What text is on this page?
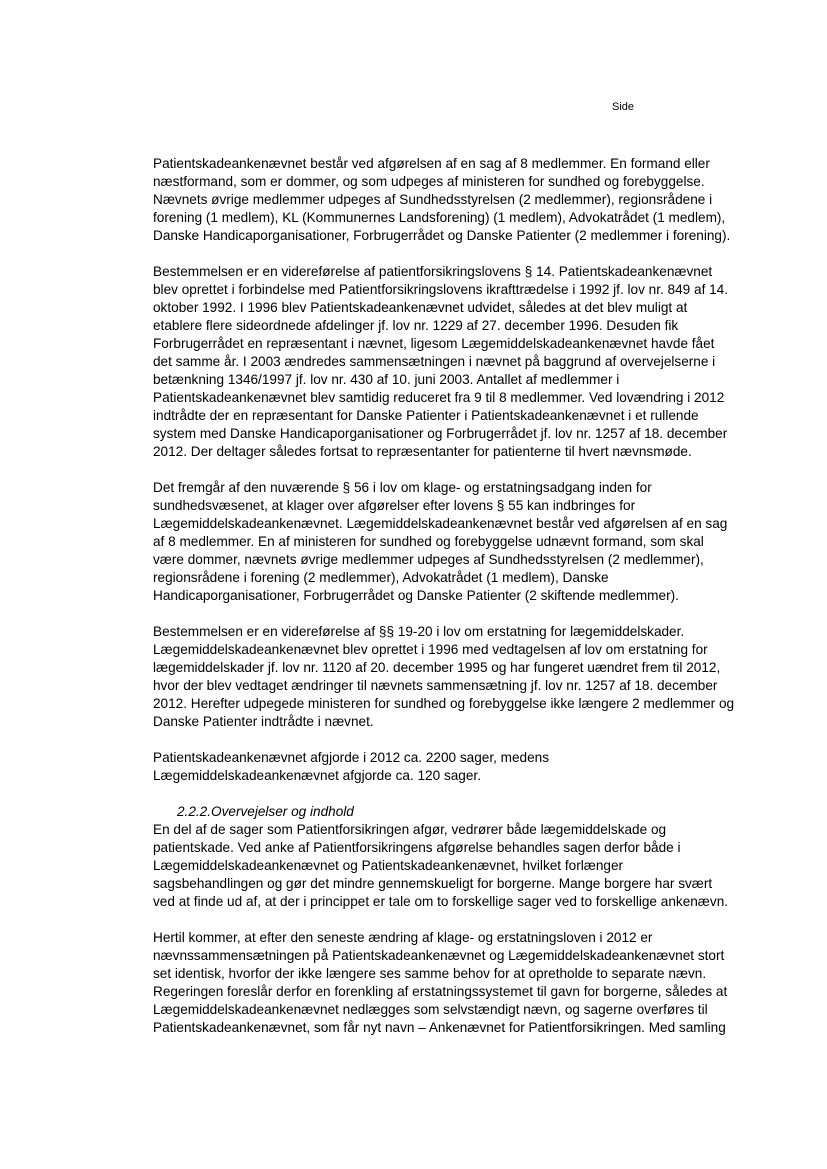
Side
Patientskadeankenævnet består ved afgørelsen af en sag af 8 medlemmer. En formand eller
næstformand, som er dommer, og som udpeges af ministeren for sundhed og forebyggelse.
Nævnets øvrige medlemmer udpeges af Sundhedsstyrelsen (2 medlemmer), regionsrådene i
forening (1 medlem), KL (Kommunernes Landsforening) (1 medlem), Advokatrådet (1 medlem),
Danske Handicaporganisationer, Forbrugerrådet og Danske Patienter (2 medlemmer i forening).
Bestemmelsen er en videreførelse af patientforsikringslovens § 14. Patientskadeankenævnet
blev oprettet i forbindelse med Patientforsikringslovens ikrafttrædelse i 1992 jf. lov nr. 849 af 14.
oktober 1992. I 1996 blev Patientskadeankenævnet udvidet, således at det blev muligt at
etablere flere sideordnede afdelinger jf. lov nr. 1229 af 27. december 1996. Desuden fik
Forbrugerrådet en repræsentant i nævnet, ligesom Lægemiddelskadeankenævnet havde fået
det samme år. I 2003 ændredes sammensætningen i nævnet på baggrund af overvejelserne i
betænkning 1346/1997 jf. lov nr. 430 af 10. juni 2003. Antallet af medlemmer i
Patientskadeankenævnet blev samtidig reduceret fra 9 til 8 medlemmer. Ved lovændring i 2012
indtrådte der en repræsentant for Danske Patienter i Patientskadeankenævnet i et rullende
system med Danske Handicaporganisationer og Forbrugerrådet jf. lov nr. 1257 af 18. december
2012. Der deltager således fortsat to repræsentanter for patienterne til hvert nævnsmøde.
Det fremgår af den nuværende § 56 i lov om klage- og erstatningsadgang inden for
sundhedsvæsenet, at klager over afgørelser efter lovens § 55 kan indbringes for
Lægemiddelskadeankenævnet. Lægemiddelskadeankenævnet består ved afgørelsen af en sag
af 8 medlemmer. En af ministeren for sundhed og forebyggelse udnævnt formand, som skal
være dommer, nævnets øvrige medlemmer udpeges af Sundhedsstyrelsen (2 medlemmer),
regionsrådene i forening (2 medlemmer), Advokatrådet (1 medlem), Danske
Handicaporganisationer, Forbrugerrådet og Danske Patienter (2 skiftende medlemmer).
Bestemmelsen er en videreførelse af §§ 19-20 i lov om erstatning for lægemiddelskader.
Lægemiddelskadeankenævnet blev oprettet i 1996 med vedtagelsen af lov om erstatning for
lægemiddelskader jf. lov nr. 1120 af 20. december 1995 og har fungeret uændret frem til 2012,
hvor der blev vedtaget ændringer til nævnets sammensætning jf. lov nr. 1257 af 18. december
2012. Herefter udpegede ministeren for sundhed og forebyggelse ikke længere 2 medlemmer og
Danske Patienter indtrådte i nævnet.
Patientskadeankenævnet afgjorde i 2012 ca. 2200 sager, medens
Lægemiddelskadeankenævnet afgjorde ca. 120 sager.
2.2.2.Overvejelser og indhold
En del af de sager som Patientforsikringen afgør, vedrører både lægemiddelskade og
patientskade. Ved anke af Patientforsikringens afgørelse behandles sagen derfor både i
Lægemiddelskadeankenævnet og Patientskadeankenævnet, hvilket forlænger
sagsbehandlingen og gør det mindre gennemskueligt for borgerne. Mange borgere har svært
ved at finde ud af, at der i princippet er tale om to forskellige sager ved to forskellige ankenævn.
Hertil kommer, at efter den seneste ændring af klage- og erstatningsloven i 2012 er
nævnssammensætningen på Patientskadeankenævnet og Lægemiddelskadeankenævnet stort
set identisk, hvorfor der ikke længere ses samme behov for at opretholde to separate nævn.
Regeringen foreslår derfor en forenkling af erstatningssystemet til gavn for borgerne, således at
Lægemiddelskadeankenævnet nedlægges som selvstændigt nævn, og sagerne overføres til
Patientskadeankenævnet, som får nyt navn – Ankenævnet for Patientforsikringen. Med samling
